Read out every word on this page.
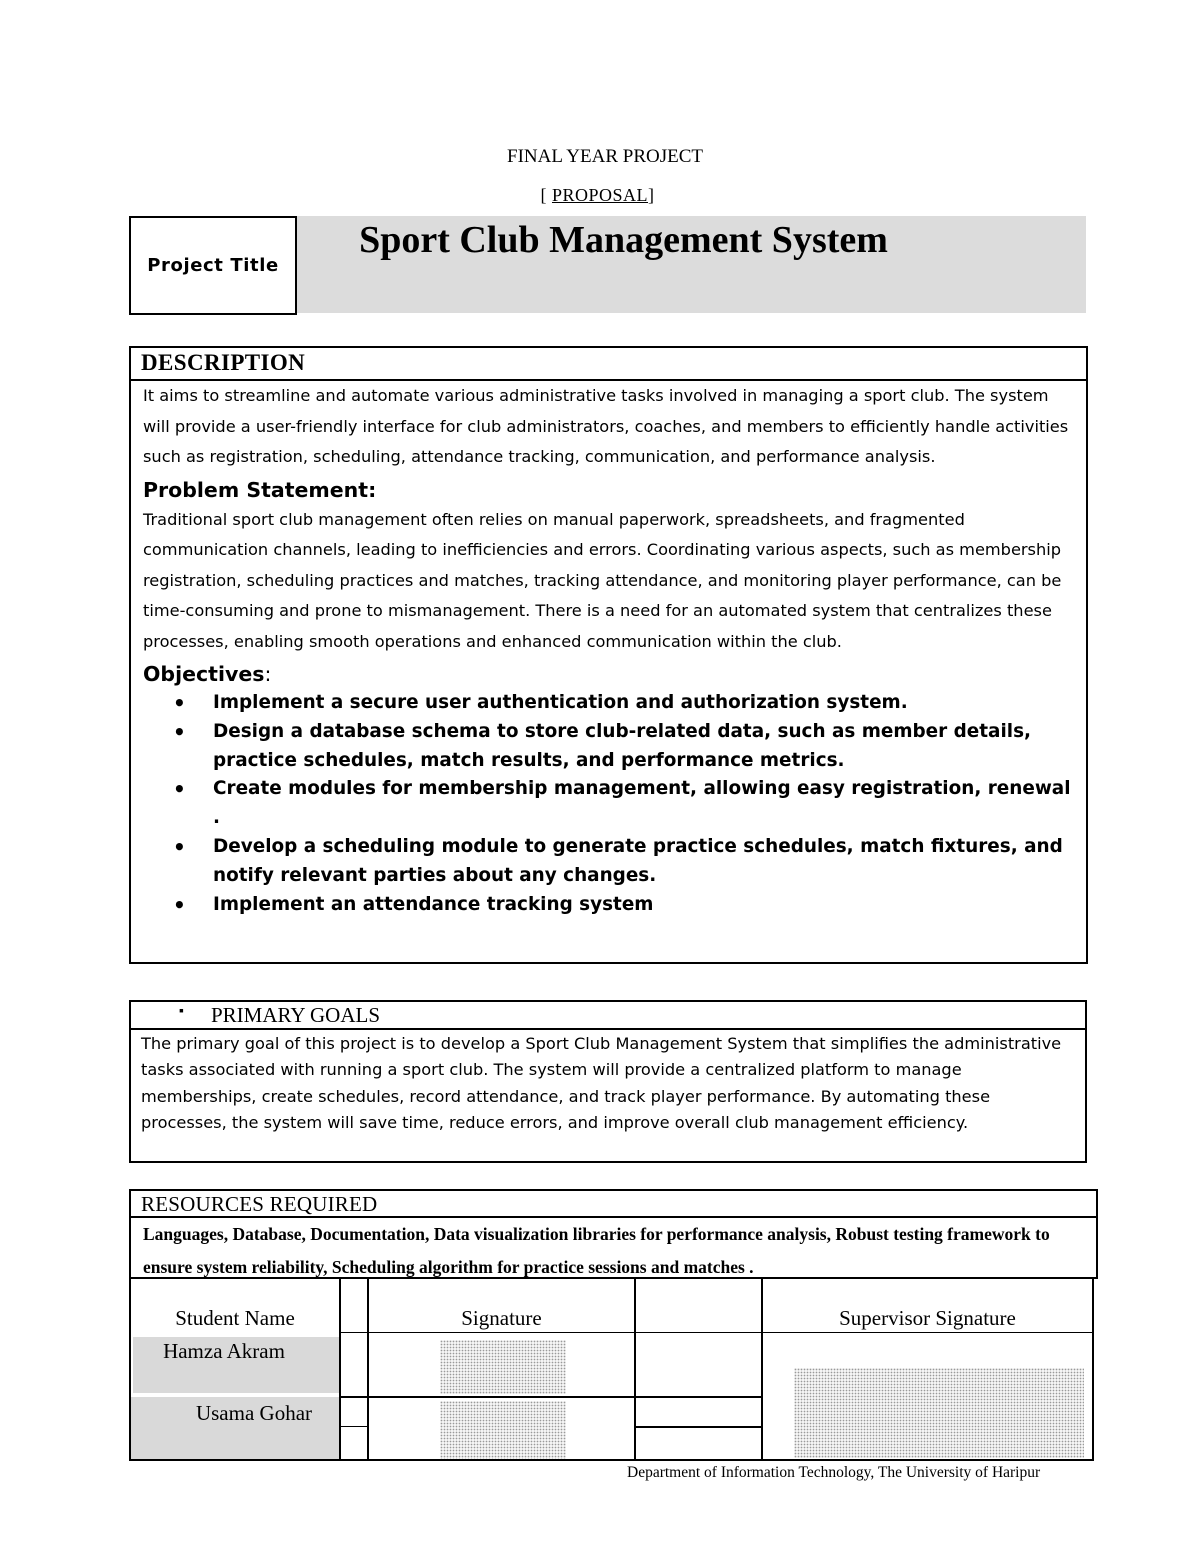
FINAL YEAR PROJECT
[ PROPOSAL]
Project Title
Sport Club Management System
DESCRIPTION
It aims to streamline and automate various administrative tasks involved in managing a sport club. The system will provide a user-friendly interface for club administrators, coaches, and members to efficiently handle activities such as registration, scheduling, attendance tracking, communication, and performance analysis.
Problem Statement:
Traditional sport club management often relies on manual paperwork, spreadsheets, and fragmented communication channels, leading to inefficiencies and errors. Coordinating various aspects, such as membership registration, scheduling practices and matches, tracking attendance, and monitoring player performance, can be time-consuming and prone to mismanagement. There is a need for an automated system that centralizes these processes, enabling smooth operations and enhanced communication within the club.
Objectives:
• Implement a secure user authentication and authorization system.
• Design a database schema to store club-related data, such as member details, practice schedules, match results, and performance metrics.
• Create modules for membership management, allowing easy registration, renewal .
• Develop a scheduling module to generate practice schedules, match fixtures, and notify relevant parties about any changes.
• Implement an attendance tracking system
▪ PRIMARY GOALS
The primary goal of this project is to develop a Sport Club Management System that simplifies the administrative tasks associated with running a sport club. The system will provide a centralized platform to manage memberships, create schedules, record attendance, and track player performance. By automating these processes, the system will save time, reduce errors, and improve overall club management efficiency.
RESOURCES REQUIRED
Languages, Database, Documentation, Data visualization libraries for performance analysis, Robust testing framework to ensure system reliability, Scheduling algorithm for practice sessions and matches .
Student Name	Signature	Supervisor Signature
Hamza Akram
Usama Gohar
Department of Information Technology, The University of Haripur
